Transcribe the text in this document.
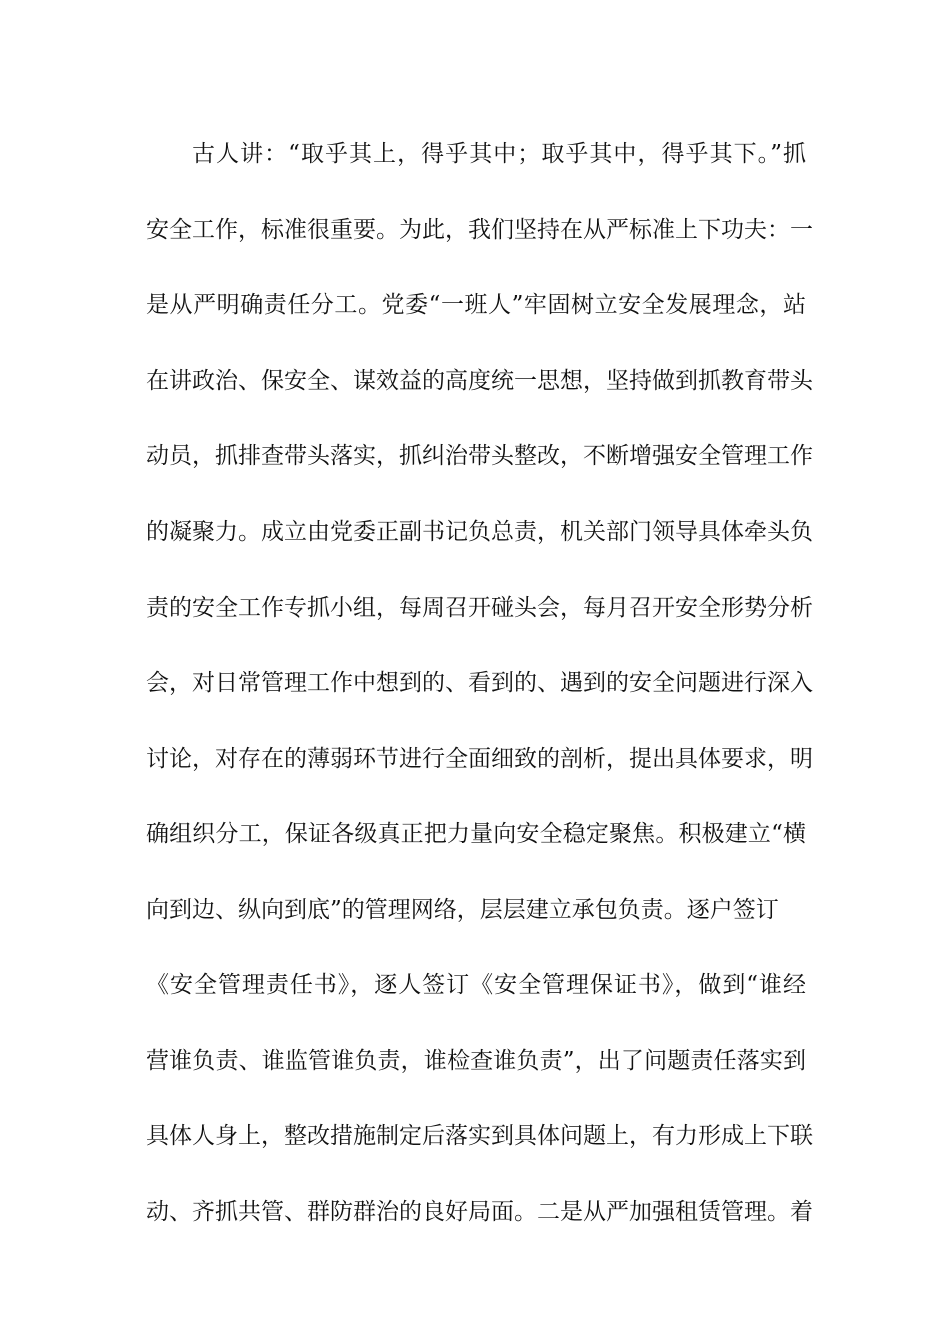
古人讲：“取乎其上，得乎其中；取乎其中，得乎其下。”抓
安全工作，标准很重要。为此，我们坚持在从严标准上下功夫：一
是从严明确责任分工。党委“一班人”牢固树立安全发展理念，站
在讲政治、保安全、谋效益的高度统一思想，坚持做到抓教育带头
动员，抓排查带头落实，抓纠治带头整改，不断增强安全管理工作
的凝聚力。成立由党委正副书记负总责，机关部门领导具体牵头负
责的安全工作专抓小组，每周召开碰头会，每月召开安全形势分析
会，对日常管理工作中想到的、看到的、遇到的安全问题进行深入
讨论，对存在的薄弱环节进行全面细致的剖析，提出具体要求，明
确组织分工，保证各级真正把力量向安全稳定聚焦。积极建立“横
向到边、纵向到底”的管理网络，层层建立承包负责。逐户签订
《安全管理责任书》，逐人签订《安全管理保证书》，做到“谁经
营谁负责、谁监管谁负责，谁检查谁负责”，出了问题责任落实到
具体人身上，整改措施制定后落实到具体问题上，有力形成上下联
动、齐抓共管、群防群治的良好局面。二是从严加强租赁管理。着
